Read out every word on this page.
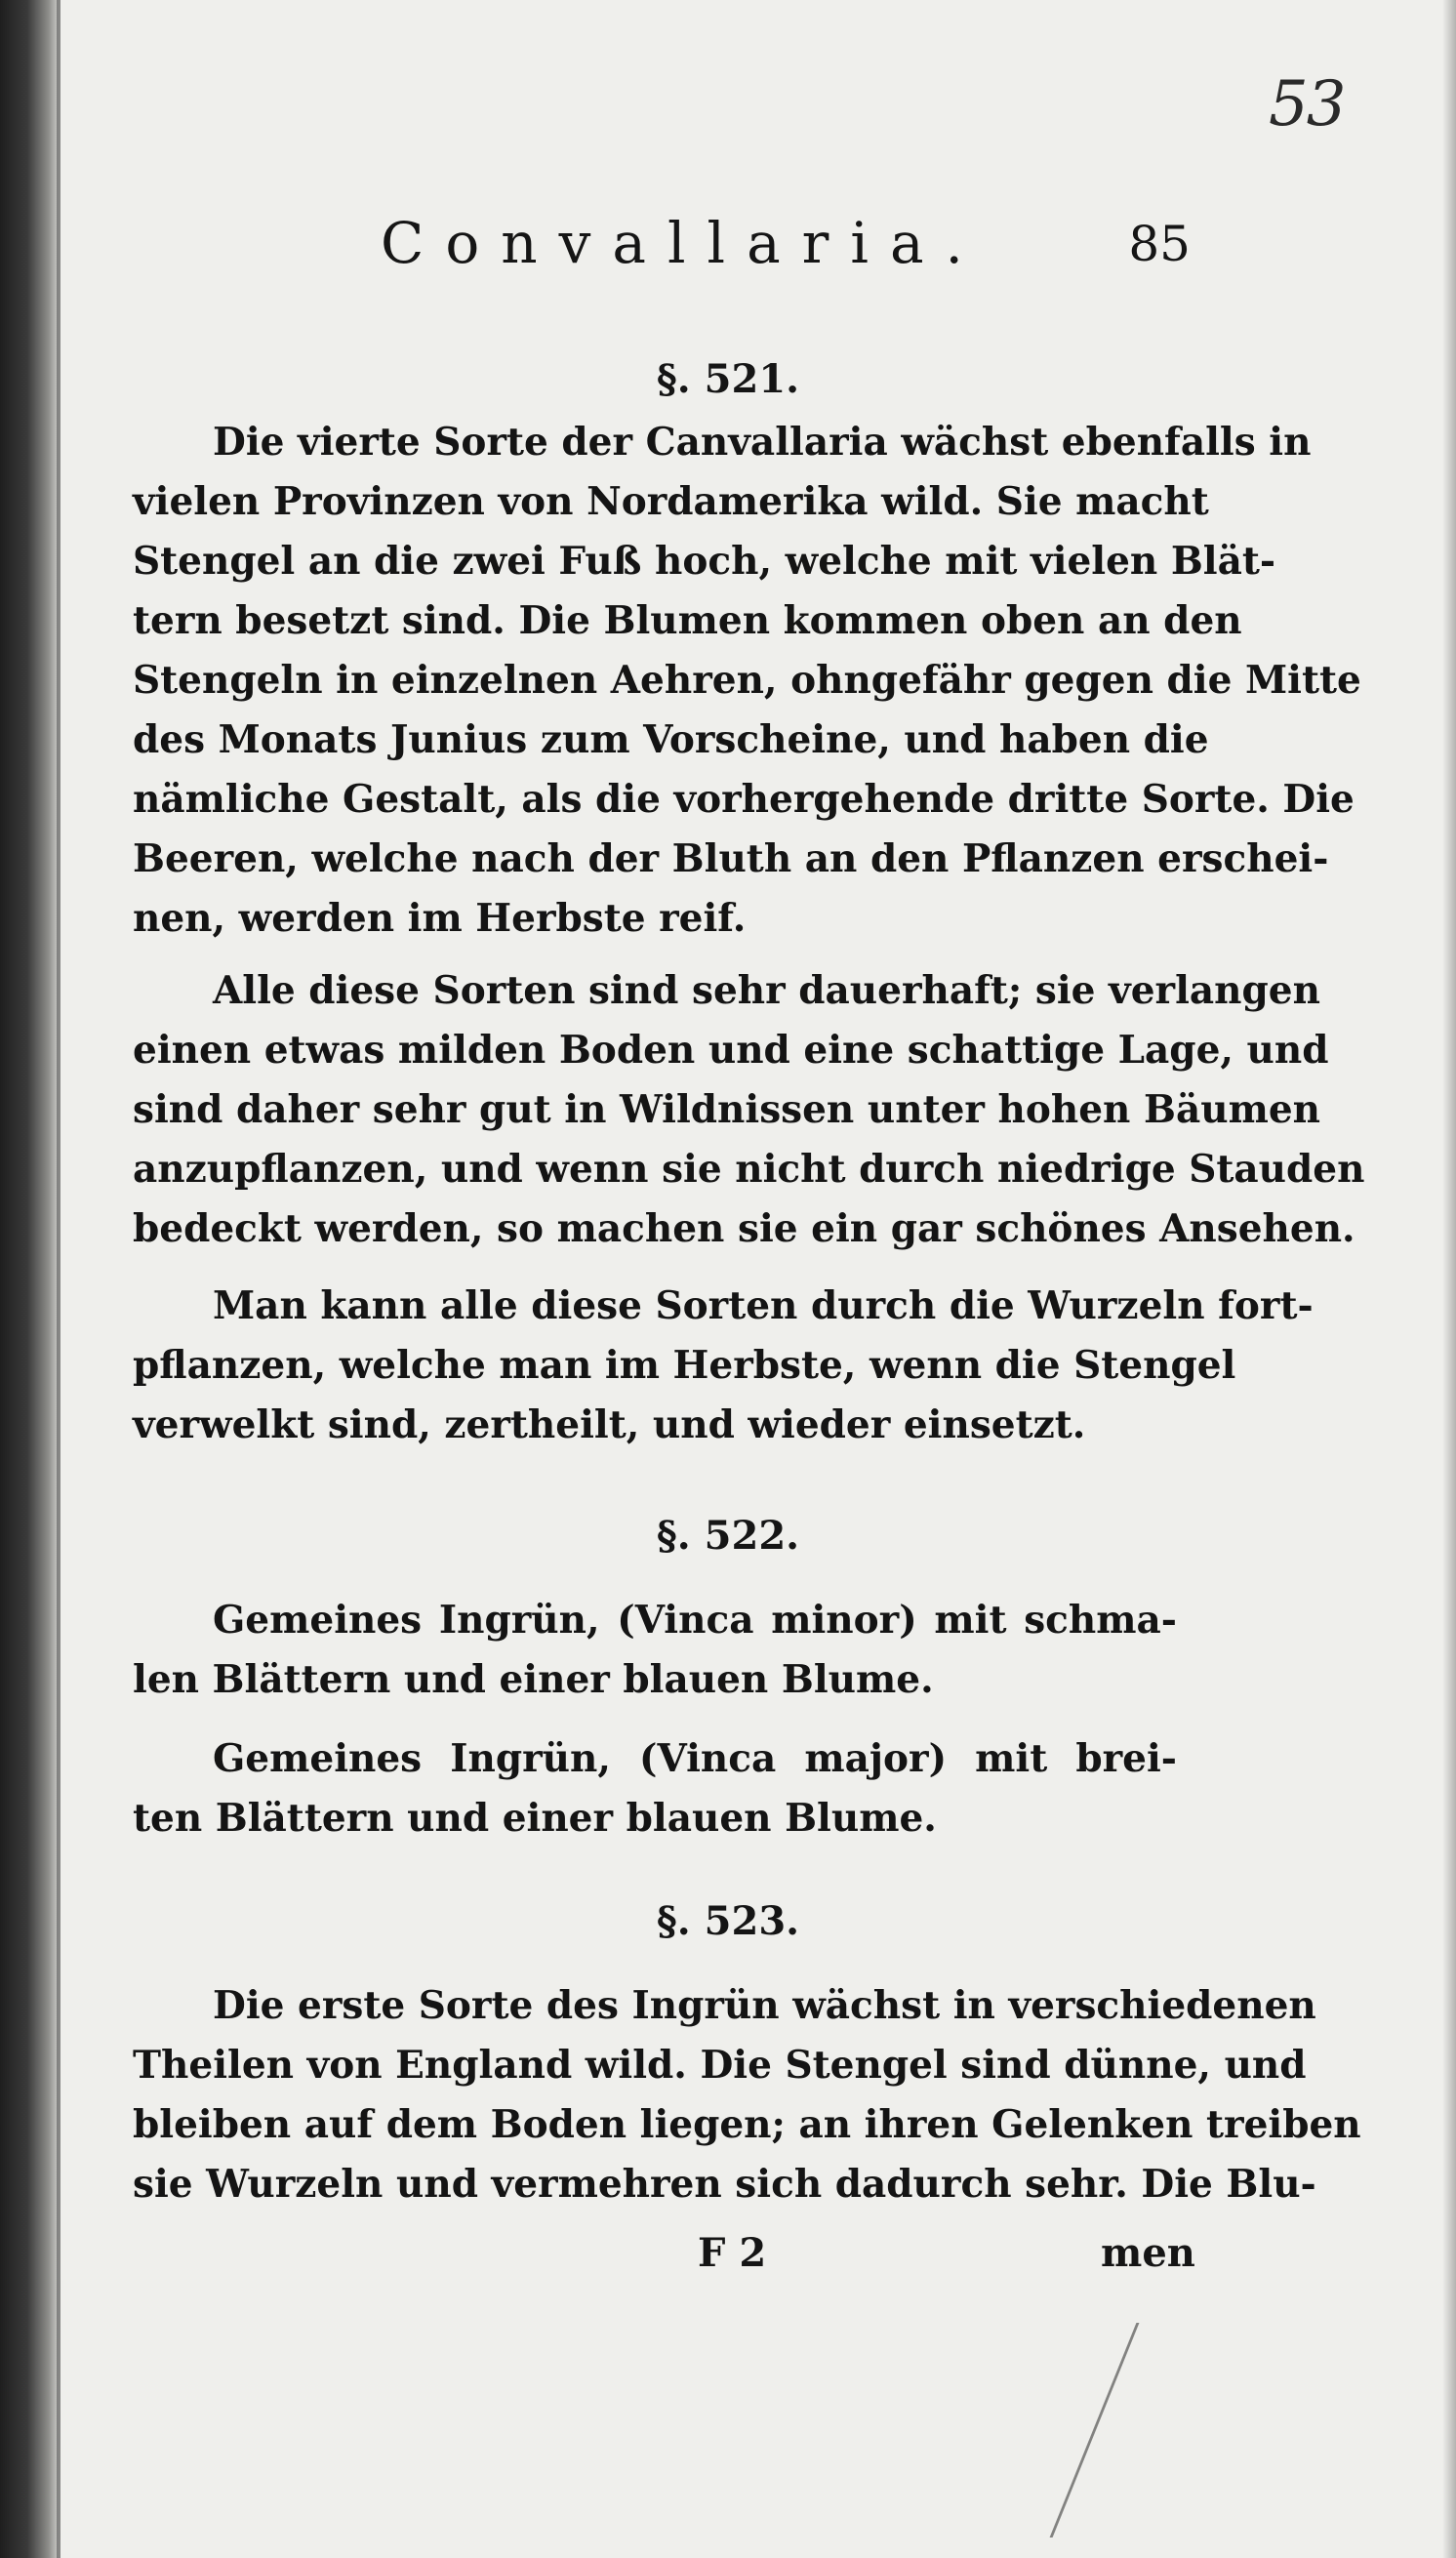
53
Convallaria.	85
§. 521.
Die vierte Sorte der Canvallaria wächst ebenfalls in
vielen Provinzen von Nordamerika wild. Sie macht
Stengel an die zwei Fuß hoch, welche mit vielen Blät-
tern besetzt sind. Die Blumen kommen oben an den
Stengeln in einzelnen Aehren, ohngefähr gegen die Mitte
des Monats Junius zum Vorscheine, und haben die
nämliche Gestalt, als die vorhergehende dritte Sorte. Die
Beeren, welche nach der Bluth an den Pflanzen erschei-
nen, werden im Herbste reif.
Alle diese Sorten sind sehr dauerhaft; sie verlangen
einen etwas milden Boden und eine schattige Lage, und
sind daher sehr gut in Wildnissen unter hohen Bäumen
anzupflanzen, und wenn sie nicht durch niedrige Stauden
bedeckt werden, so machen sie ein gar schönes Ansehen.
Man kann alle diese Sorten durch die Wurzeln fort-
pflanzen, welche man im Herbste, wenn die Stengel
verwelkt sind, zertheilt, und wieder einsetzt.
§. 522.
Gemeines Ingrün, (Vinca minor) mit schma-
len Blättern und einer blauen Blume.
Gemeines Ingrün, (Vinca major) mit brei-
ten Blättern und einer blauen Blume.
§. 523.
Die erste Sorte des Ingrün wächst in verschiedenen
Theilen von England wild. Die Stengel sind dünne, und
bleiben auf dem Boden liegen; an ihren Gelenken treiben
sie Wurzeln und vermehren sich dadurch sehr. Die Blu-
F 2	men
